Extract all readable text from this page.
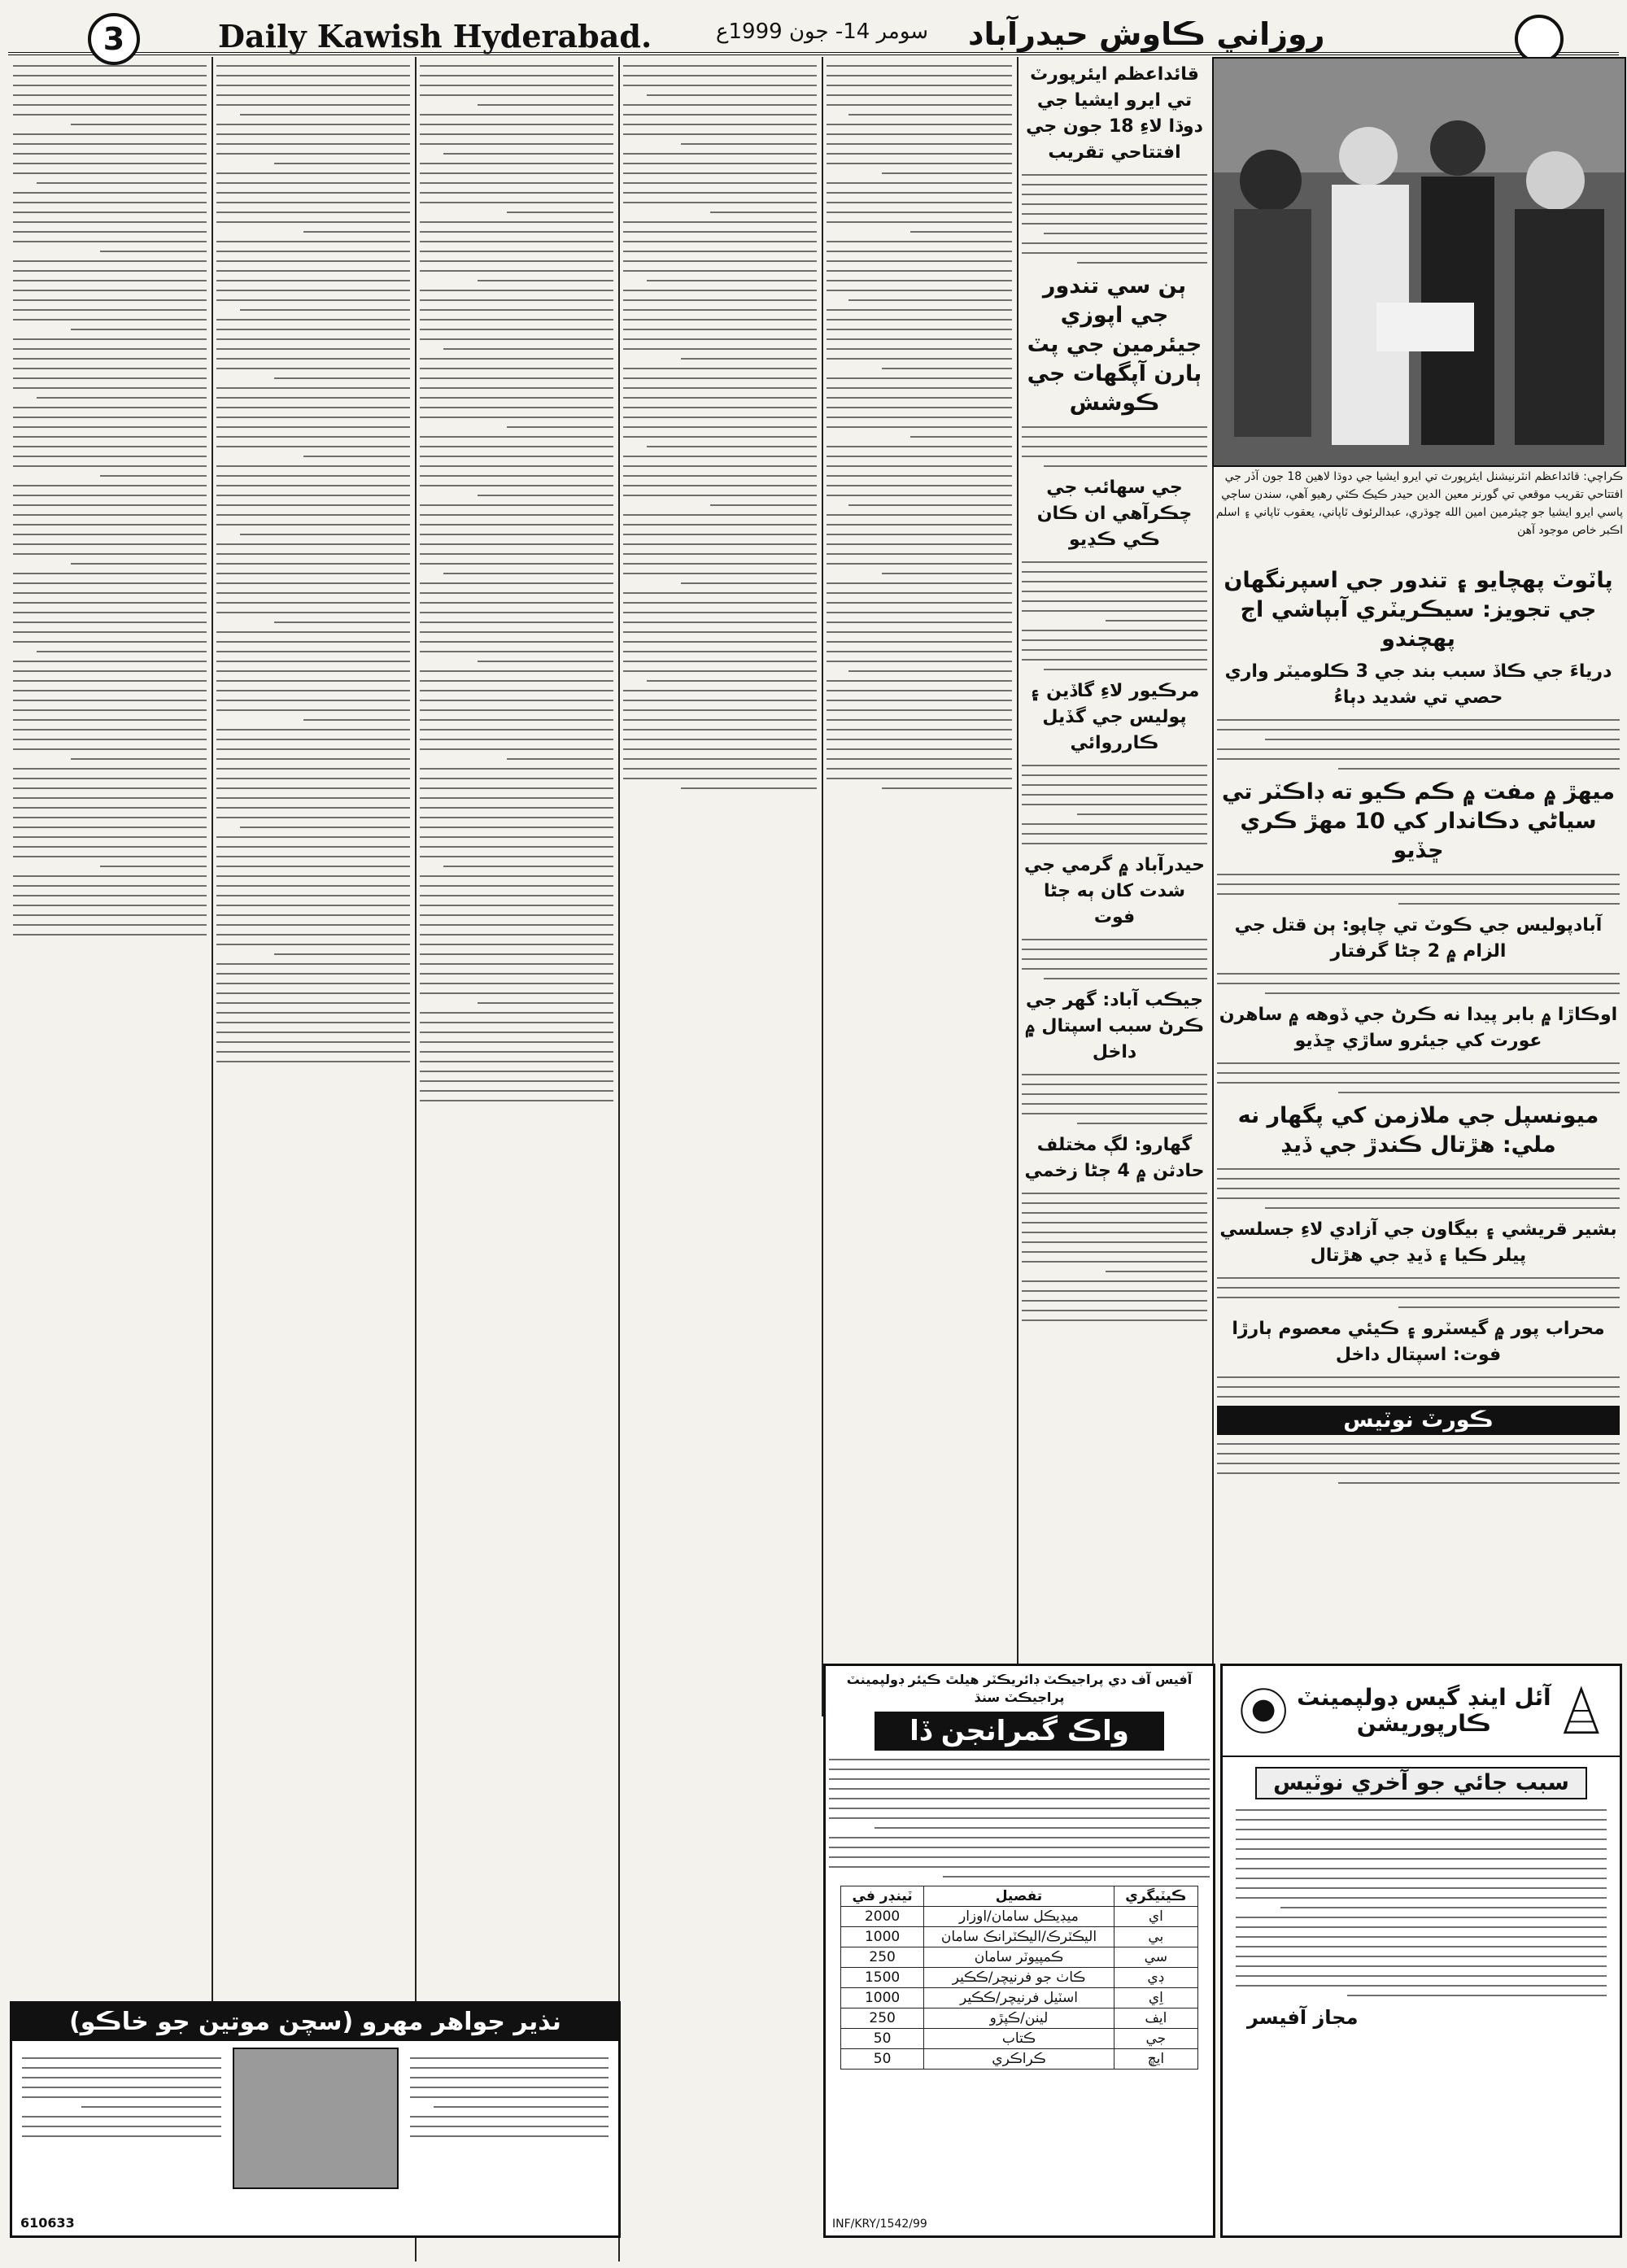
3	Daily Kawish Hyderabad.	سومر 14- جون 1999ع روزاني ڪاوش حيدرآباد
ڪراچي: قائداعظم انٽرنيشنل ايئرپورٽ تي ايرو ايشيا جي دوڌا لاهين 18 جون آڏر جي افتتاحي تقريب موقعي تي گورنر معين الدين حيدر ڪيڪ ڪٽي رهيو آهي، سندن ساڄي پاسي ايرو ايشيا جو چيئرمين امين الله چوڌري، عبدالرئوف ٽاپاني، يعقوب ٽاپاني ۽ اسلم اڪبر خاص موجود آهن
پاٽوٽ پهچايو ۽ تندور جي اسپرنگهان جي تجويز: سيڪريٽري آبپاشي اڄ پهچندو
درياءَ جي ڪاڏ سبب بند جي 3 ڪلوميٽر واري حصي تي شديد دٻاءُ
ميهڙ ۾ مفت ۾ ڪم ڪيو ته ڊاڪٽر تي سياڻي دڪاندار کي 10 مهڙ ڪري ڇڏيو
آبادپوليس جي ڪوٽ تي چاپو: ٻن قتل جي الزام ۾ 2 ڄڻا گرفتار
اوڪاڙا ۾ بابر پيدا نه ڪرڻ جي ڏوهه ۾ ساهرن عورت کي جيئرو ساڙي ڇڏيو
ميونسپل جي ملازمن کي پگهار نه ملي: هڙتال ڪندڙ جي ڏيڍ
بشير قريشي ۽ بيگاون جي آزادي لاءِ جسلسي پيلر ڪيا ۽ ڏيڍ جي هڙتال
محراب پور ۾ گيسٽرو ۽ ڪيئي معصوم ٻارڙا فوت: اسپتال داخل
ڪورٽ نوٽيس
قائداعظم ايئرپورٽ تي ايرو ايشيا جي دوڌا لاءِ 18 جون جي افتتاحي تقريب
ٻن سي تندور جي اپوزي جيئرمين جي پٽ ٻارن آپگهات جي ڪوشش
جي سهائب جي چڪرآهي ان ڪان ڪي ڪڍيو
مرڪيور لاءِ گاڏين ۽ پوليس جي گڏيل ڪارروائي
حيدرآباد ۾ گرمي جي شدت کان ٻه ڄڻا فوت
جيڪب آباد: گهر جي ڪرڻ سبب اسپتال ۾ داخل
گهارو: لڳ مختلف حادثن ۾ 4 ڄڻا زخمي
آفيس آف دي پراجيڪٽ ڊائريڪٽر هيلٿ ڪيئر ڊولپمينٽ پراجيڪٽ سنڌ
واڪ گمرانجن ڏا
ڪيٽيگري	تفصيل	ٽينڊر في
اي	ميڊيڪل سامان/اوزار	2000
بي	اليڪٽرڪ/اليڪٽرانڪ سامان	1000
سي	ڪمپيوٽر سامان	250
ڊي	ڪاٺ جو فرنيچر/ڪڪير	1500
اِي	اسٽيل فرنيچر/ڪڪير	1000
ايف	لينن/ڪپڙو	250
جي	ڪتاب	50
ايڇ	ڪراڪري	50
INF/KRY/1542/99
آئل اينڊ گيس ڊولپمينٽ ڪارپوريشن
سبب جائي جو آخري نوٽيس
مجاز آفيسر
نذير جواهر مهرو (سچن موتين جو خاڪو)
610633
